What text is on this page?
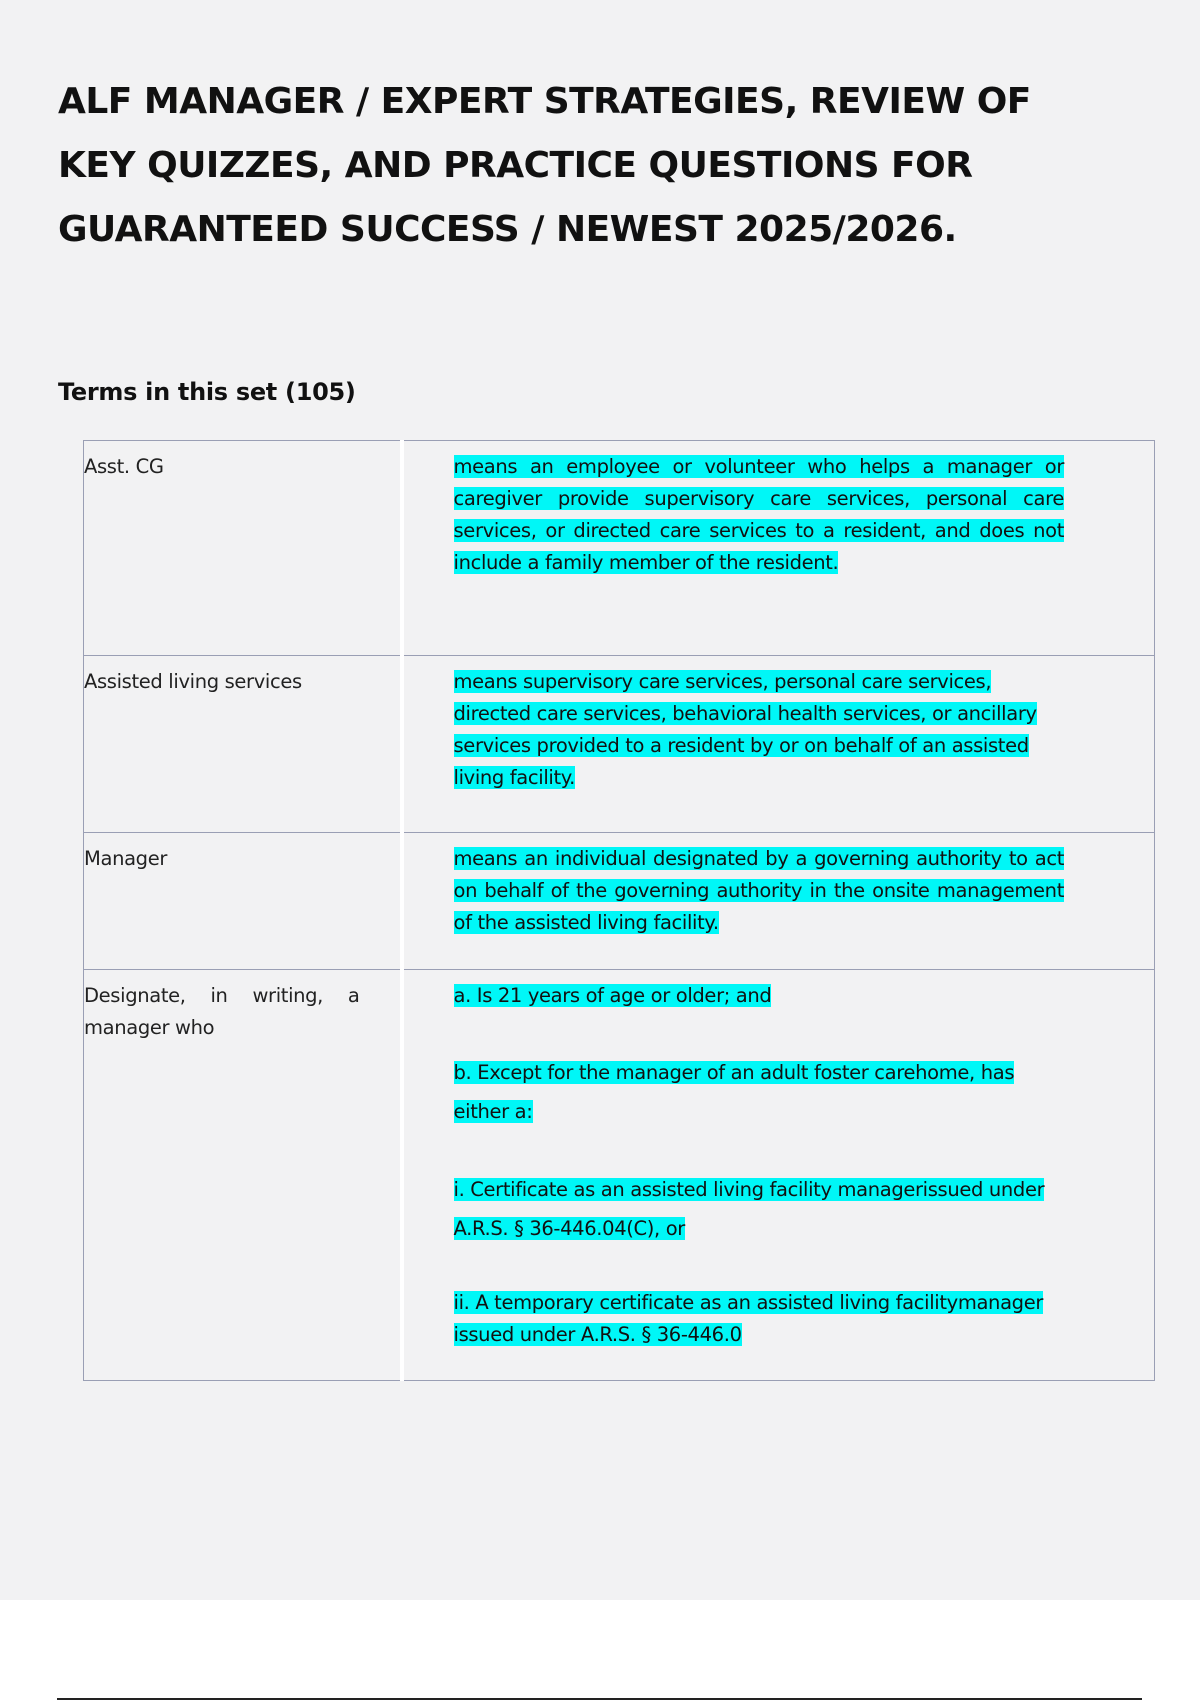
ALF MANAGER / EXPERT STRATEGIES, REVIEW OF KEY QUIZZES, AND PRACTICE QUESTIONS FOR GUARANTEED SUCCESS / NEWEST 2025/2026.
Terms in this set (105)
Asst. CG	means an employee or volunteer who helps a manager or caregiver provide supervisory care services, personal care services, or directed care services to a resident, and does not include a family member of the resident.

Assisted living services	means supervisory care services, personal care services, directed care services, behavioral health services, or ancillary services provided to a resident by or on behalf of an assisted living facility.

Manager	means an individual designated by a governing authority to act on behalf of the governing authority in the onsite management of the assisted living facility.

Designate, in writing, a manager who	a. Is 21 years of age or older; and

b. Except for the manager of an adult foster carehome, has either a:

i. Certificate as an assisted living facility managerissued under A.R.S. § 36-446.04(C), or

ii. A temporary certificate as an assisted living facilitymanager issued under A.R.S. § 36-446.0
